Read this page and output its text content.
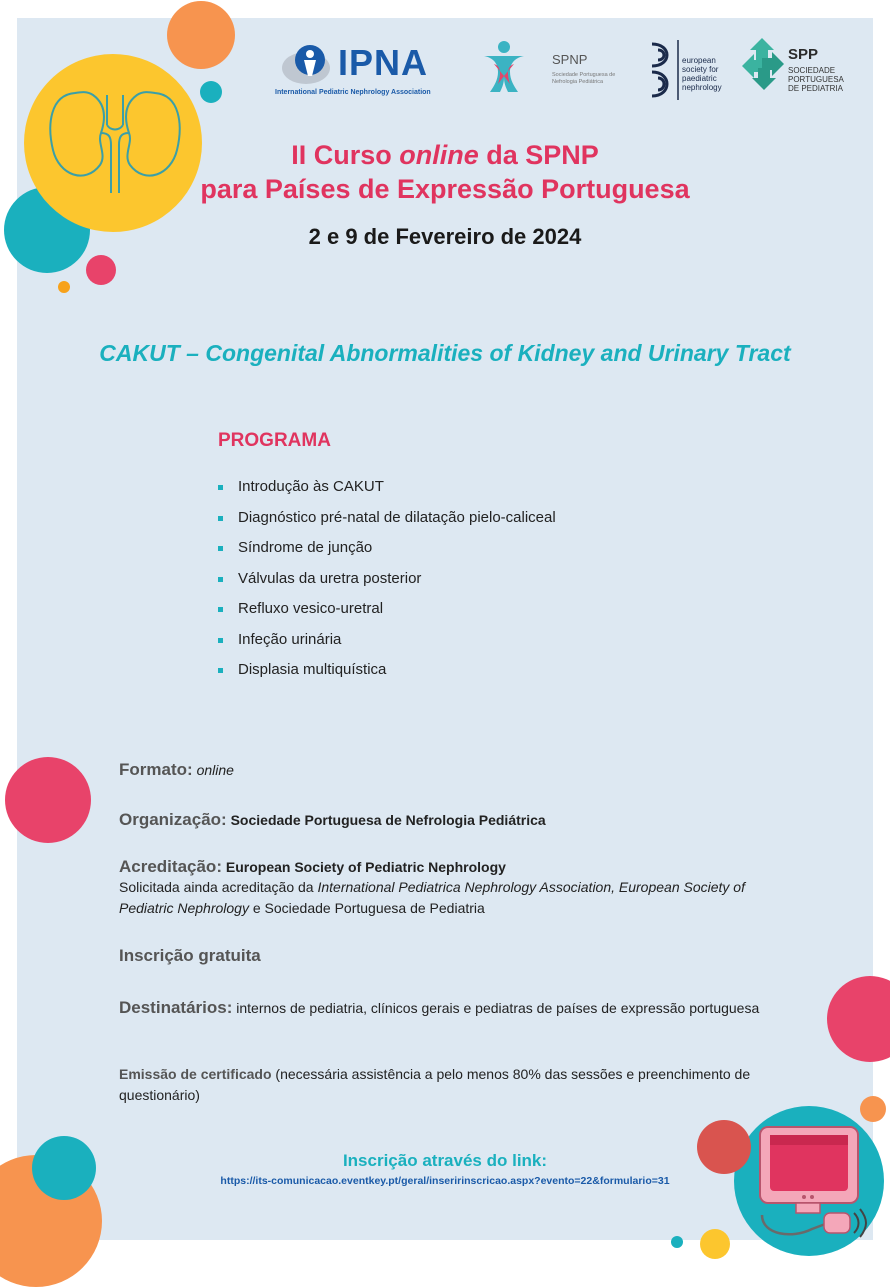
IPNA
International Pediatric Nephrology Association
SPNP
Sociedade Portuguesa de Nefrologia Pediátrica
european
society for
paediatric
nephrology
SPP
SOCIEDADE
PORTUGUESA
DE PEDIATRIA
II Curso online da SPNP
para Países de Expressão Portuguesa
2 e 9 de Fevereiro de 2024
CAKUT – Congenital Abnormalities of Kidney and Urinary Tract
PROGRAMA
Introdução às CAKUT
Diagnóstico pré-natal de dilatação pielo-caliceal
Síndrome de junção
Válvulas da uretra posterior
Refluxo vesico-uretral
Infeção urinária
Displasia multiquística
Formato: online
Organização: Sociedade Portuguesa de Nefrologia Pediátrica
Acreditação: European Society of Pediatric Nephrology
Solicitada ainda acreditação da International Pediatrica Nephrology Association, European Society of Pediatric Nephrology e Sociedade Portuguesa de Pediatria
Inscrição gratuita
Destinatários: internos de pediatria, clínicos gerais e pediatras de países de expressão portuguesa
Emissão de certificado (necessária assistência a pelo menos 80% das sessões e preenchimento de questionário)
Inscrição através do link:
https://its-comunicacao.eventkey.pt/geral/inseririnscricao.aspx?evento=22&formulario=31
